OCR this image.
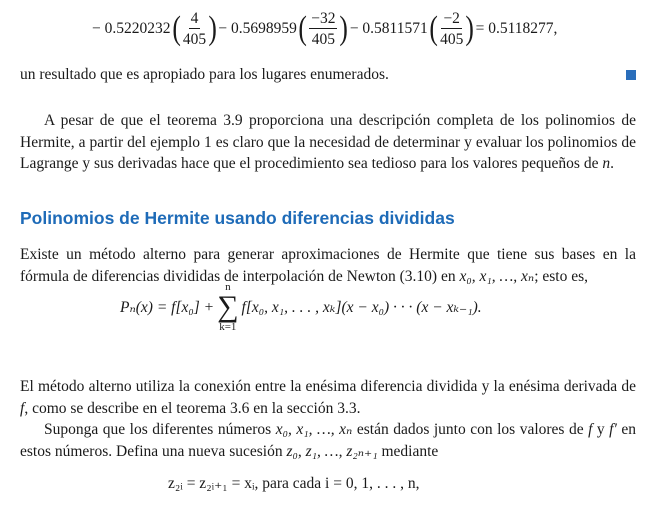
− 0.5220232 ( $\frac{4}{405}$ ) − 0.5698959 ( $\frac{-32}{405}$ ) − 0.5811571 ( $\frac{-2}{405}$ ) = 0.5118277,

un resultado que es apropiado para los lugares enumerados.

A pesar de que el teorema 3.9 proporciona una descripción completa de los polinomios de Hermite, a partir del ejemplo 1 es claro que la necesidad de determinar y evaluar los polinomios de Lagrange y sus derivadas hace que el procedimiento sea tedioso para los valores pequeños de n.

Polinomios de Hermite usando diferencias divididas

Existe un método alterno para generar aproximaciones de Hermite que tiene sus bases en la fórmula de diferencias divididas de interpolación de Newton (3.10) en x₀, x₁, …, xₙ; esto es,

Pₙ(x) = f[x₀] +
n
∑
k=1
f[x₀, x₁, . . . , xₖ](x − x₀) · · · (x − xₖ₋₁).

El método alterno utiliza la conexión entre la enésima diferencia dividida y la enésima derivada de f, como se describe en el teorema 3.6 en la sección 3.3.

Suponga que los diferentes números x₀, x₁, …, xₙ están dados junto con los valores de f y f′ en estos números. Defina una nueva sucesión z₀, z₁, …, z₂ₙ₊₁ mediante

z₂ᵢ = z₂ᵢ₊₁ = xᵢ, para cada i = 0, 1, . . . , n,
